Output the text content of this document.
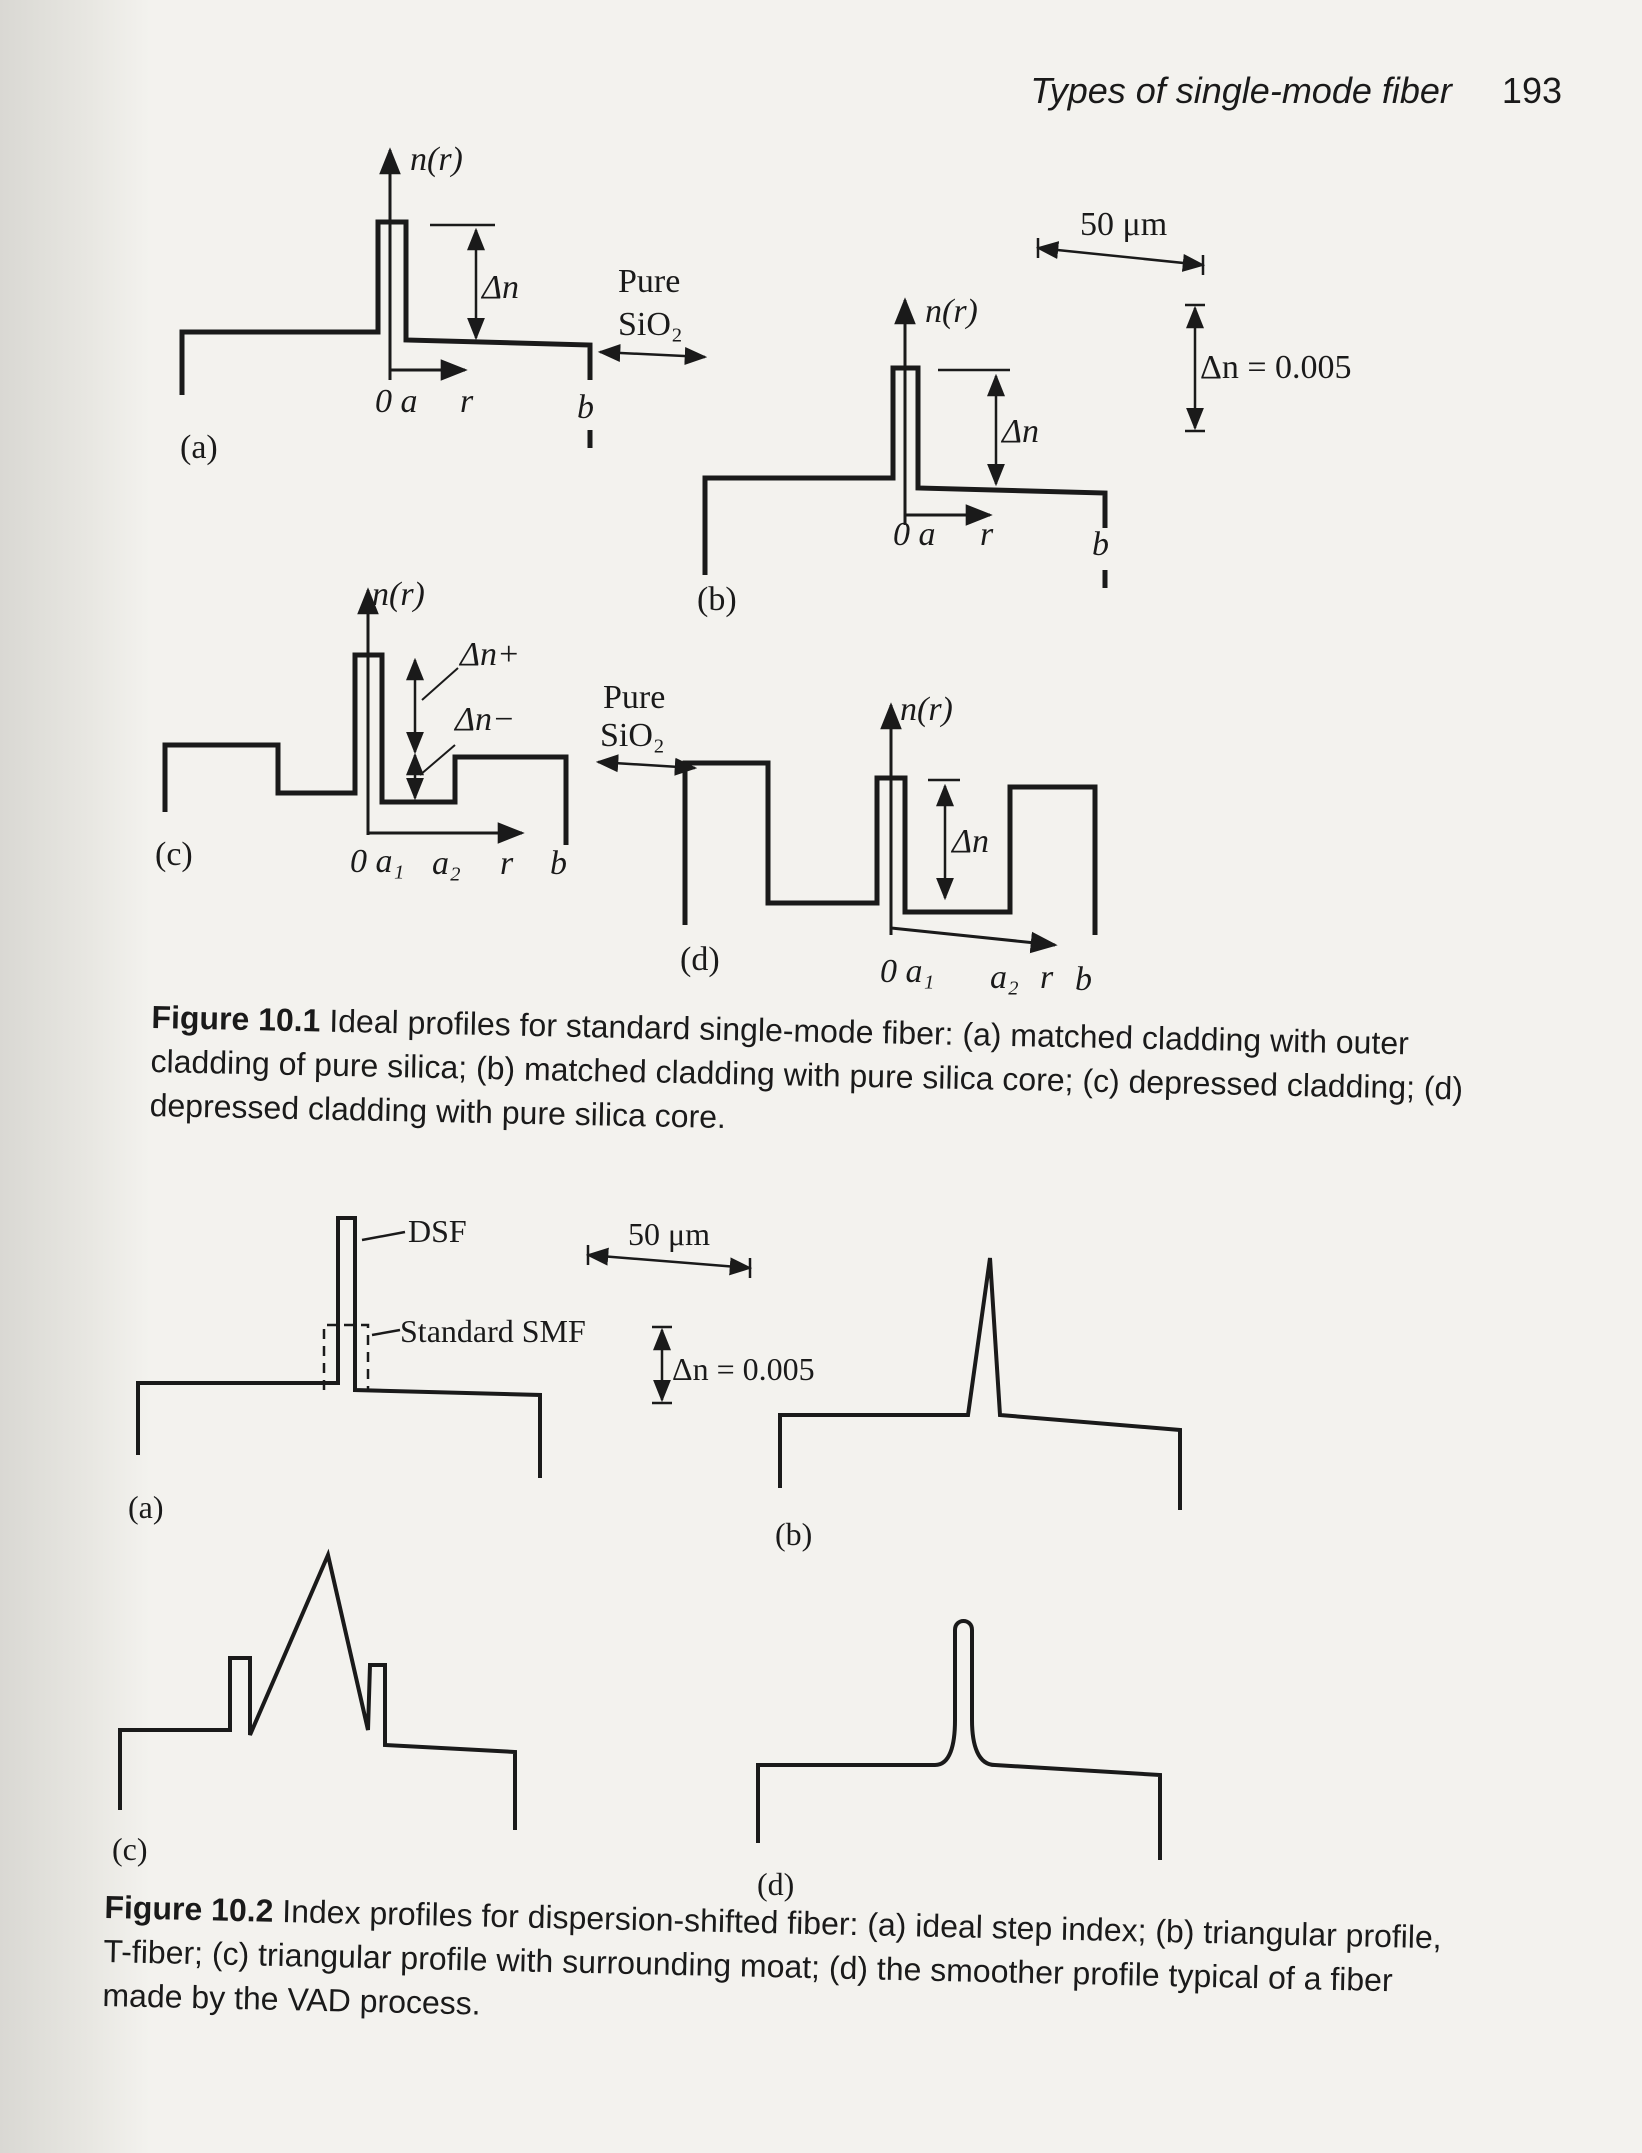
Types of single-mode fiber 193
n(r)
Δn	Pure
SiO₂
0 a r	b
(a)
n(r)
Δn
0 a r	b
(b)
50 μm
Δn = 0.005
n(r)
Δn+
Δn−
Pure
SiO₂
0 a₁ a₂ r b
(c)
n(r)
Δn
0 a₁ a₂ r b
(d)
DSF
Standard SMF
(a)
50 μm
Δn = 0.005
(b)
(c)
(d)
Figure 10.1 Ideal profiles for standard single-mode fiber: (a) matched cladding with outer cladding of pure silica; (b) matched cladding with pure silica core; (c) depressed cladding; (d) depressed cladding with pure silica core.
Figure 10.2 Index profiles for dispersion-shifted fiber: (a) ideal step index; (b) triangular profile, T-fiber; (c) triangular profile with surrounding moat; (d) the smoother profile typical of a fiber made by the VAD process.
